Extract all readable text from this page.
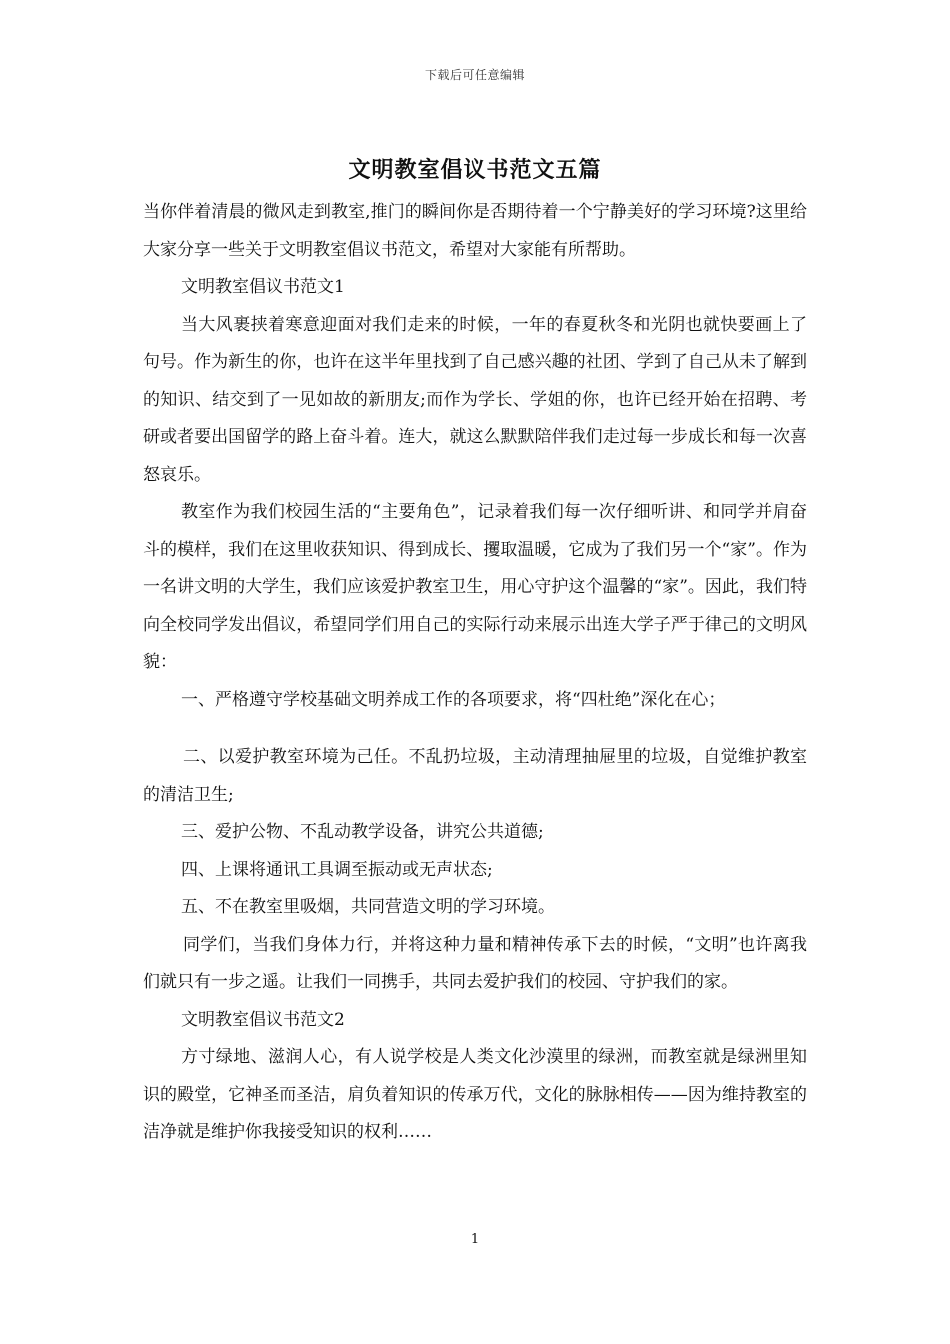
下载后可任意编辑
文明教室倡议书范文五篇

当你伴着清晨的微风走到教室,推门的瞬间你是否期待着一个宁静美好的学习环境?这里给大家分享一些关于文明教室倡议书范文，希望对大家能有所帮助。

文明教室倡议书范文1

当大风裹挟着寒意迎面对我们走来的时候，一年的春夏秋冬和光阴也就快要画上了句号。作为新生的你，也许在这半年里找到了自己感兴趣的社团、学到了自己从未了解到的知识、结交到了一见如故的新朋友;而作为学长、学姐的你，也许已经开始在招聘、考研或者要出国留学的路上奋斗着。连大，就这么默默陪伴我们走过每一步成长和每一次喜怒哀乐。

教室作为我们校园生活的“主要角色”，记录着我们每一次仔细听讲、和同学并肩奋斗的模样，我们在这里收获知识、得到成长、攫取温暖，它成为了我们另一个“家”。作为一名讲文明的大学生，我们应该爱护教室卫生，用心守护这个温馨的“家”。因此，我们特向全校同学发出倡议，希望同学们用自己的实际行动来展示出连大学子严于律己的文明风貌：

一、严格遵守学校基础文明养成工作的各项要求，将“四杜绝”深化在心；

二、以爱护教室环境为己任。不乱扔垃圾，主动清理抽屉里的垃圾，自觉维护教室的清洁卫生;

三、爱护公物、不乱动教学设备，讲究公共道德;

四、上课将通讯工具调至振动或无声状态;

五、不在教室里吸烟，共同营造文明的学习环境。

同学们，当我们身体力行，并将这种力量和精神传承下去的时候，“文明”也许离我们就只有一步之遥。让我们一同携手，共同去爱护我们的校园、守护我们的家。

文明教室倡议书范文2

方寸绿地、滋润人心，有人说学校是人类文化沙漠里的绿洲，而教室就是绿洲里知识的殿堂，它神圣而圣洁，肩负着知识的传承万代，文化的脉脉相传——因为维持教室的洁净就是维护你我接受知识的权利……

1
